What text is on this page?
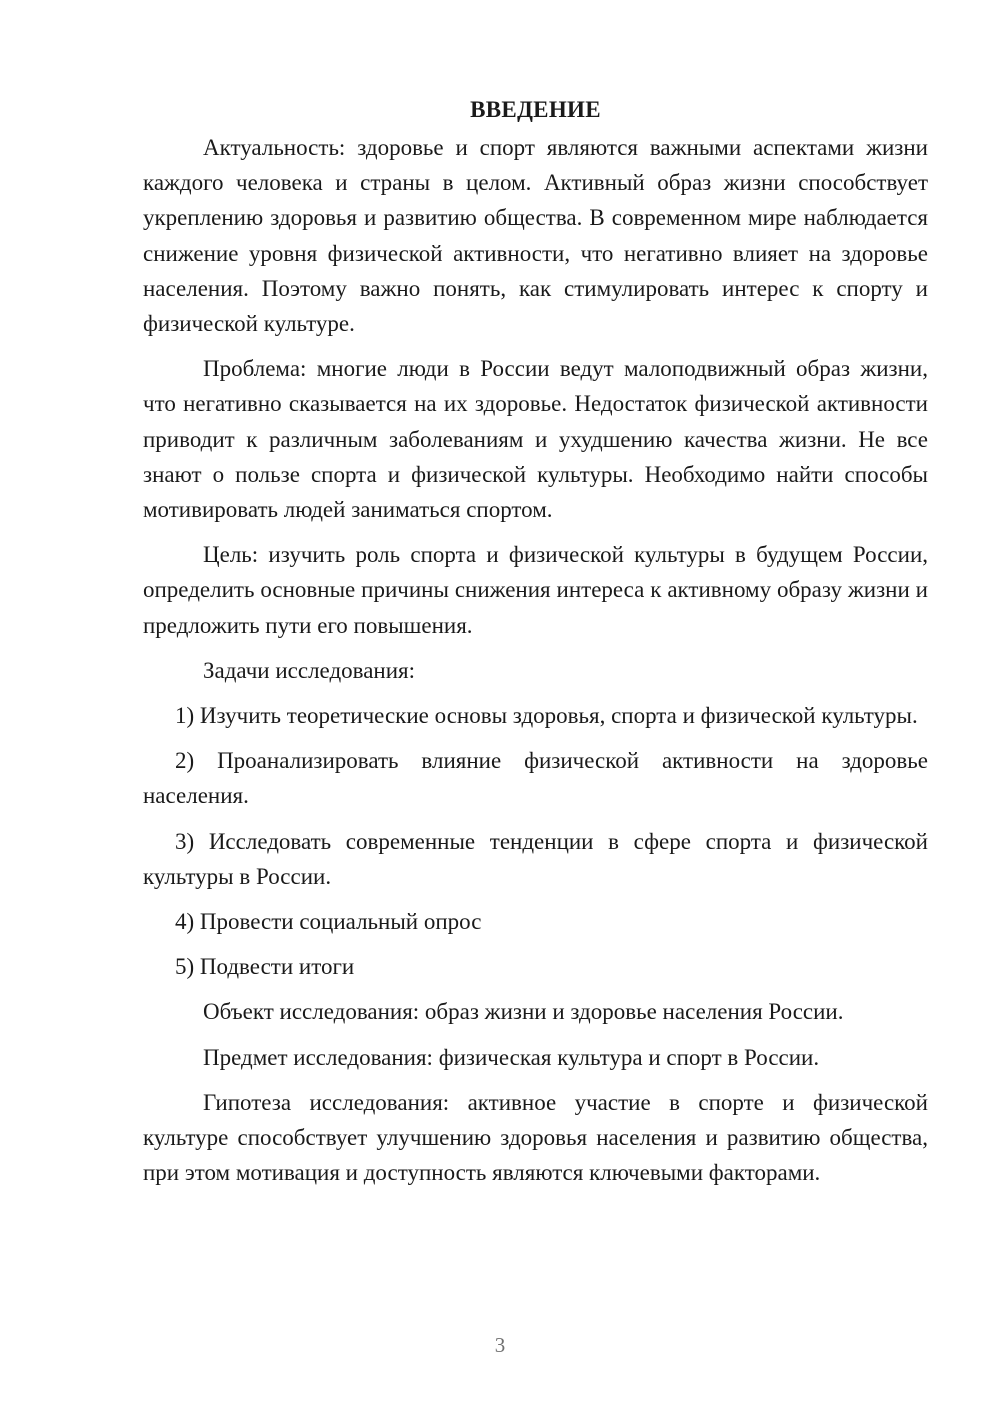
ВВЕДЕНИЕ

Актуальность: здоровье и спорт являются важными аспектами жизни каждого человека и страны в целом. Активный образ жизни способствует укреплению здоровья и развитию общества. В современном мире наблюдается снижение уровня физической активности, что негативно влияет на здоровье населения. Поэтому важно понять, как стимулировать интерес к спорту и физической культуре.

Проблема: многие люди в России ведут малоподвижный образ жизни, что негативно сказывается на их здоровье. Недостаток физической активности приводит к различным заболеваниям и ухудшению качества жизни. Не все знают о пользе спорта и физической культуры. Необходимо найти способы мотивировать людей заниматься спортом.

Цель: изучить роль спорта и физической культуры в будущем России, определить основные причины снижения интереса к активному образу жизни и предложить пути его повышения.

Задачи исследования:

1) Изучить теоретические основы здоровья, спорта и физической культуры.

2) Проанализировать влияние физической активности на здоровье населения.

3) Исследовать современные тенденции в сфере спорта и физической культуры в России.

4) Провести социальный опрос

5) Подвести итоги

Объект исследования: образ жизни и здоровье населения России.

Предмет исследования: физическая культура и спорт в России.

Гипотеза исследования: активное участие в спорте и физической культуре способствует улучшению здоровья населения и развитию общества, при этом мотивация и доступность являются ключевыми факторами.

3
